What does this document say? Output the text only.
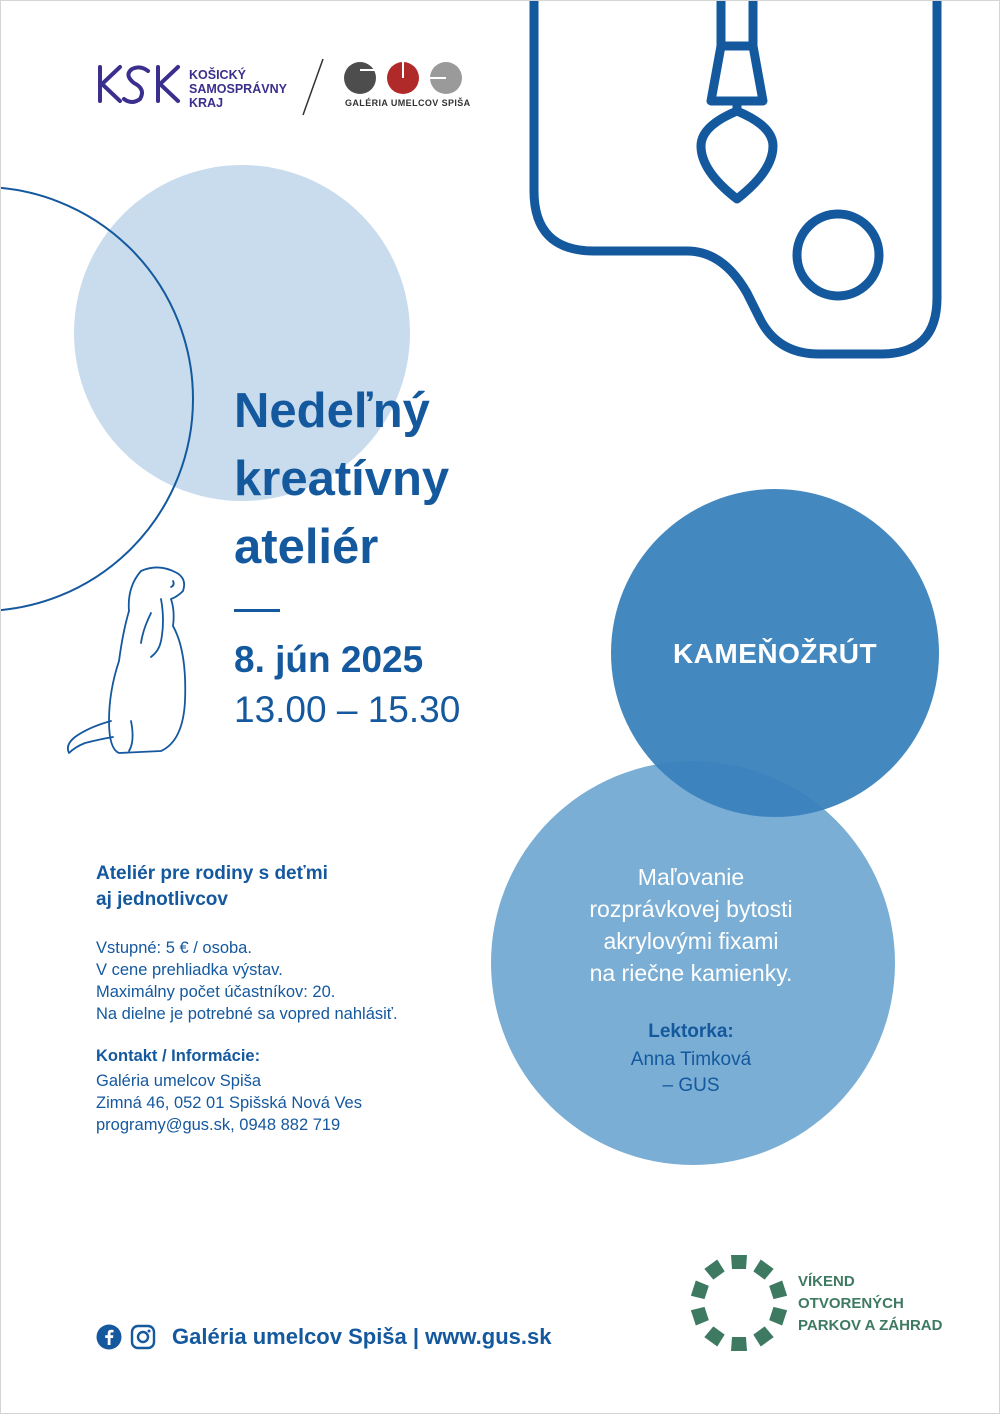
KOŠICKÝ
SAMOSPRÁVNY
KRAJ	GALÉRIA UMELCOV SPIŠA
Nedeľný
kreatívny
ateliér
8. jún 2025
13.00 – 15.30
KAMEŇOŽRÚT
Maľovanie
rozprávkovej bytosti
akrylovými fixami
na riečne kamienky.
Lektorka:
Anna Timková
– GUS
Ateliér pre rodiny s deťmi
aj jednotlivcov
Vstupné: 5 € / osoba.
V cene prehliadka výstav.
Maximálny počet účastníkov: 20.
Na dielne je potrebné sa vopred nahlásiť.
Kontakt / Informácie:
Galéria umelcov Spiša
Zimná 46, 052 01 Spišská Nová Ves
programy@gus.sk, 0948 882 719
Galéria umelcov Spiša | www.gus.sk
VÍKEND
OTVORENÝCH
PARKOV A ZÁHRAD
